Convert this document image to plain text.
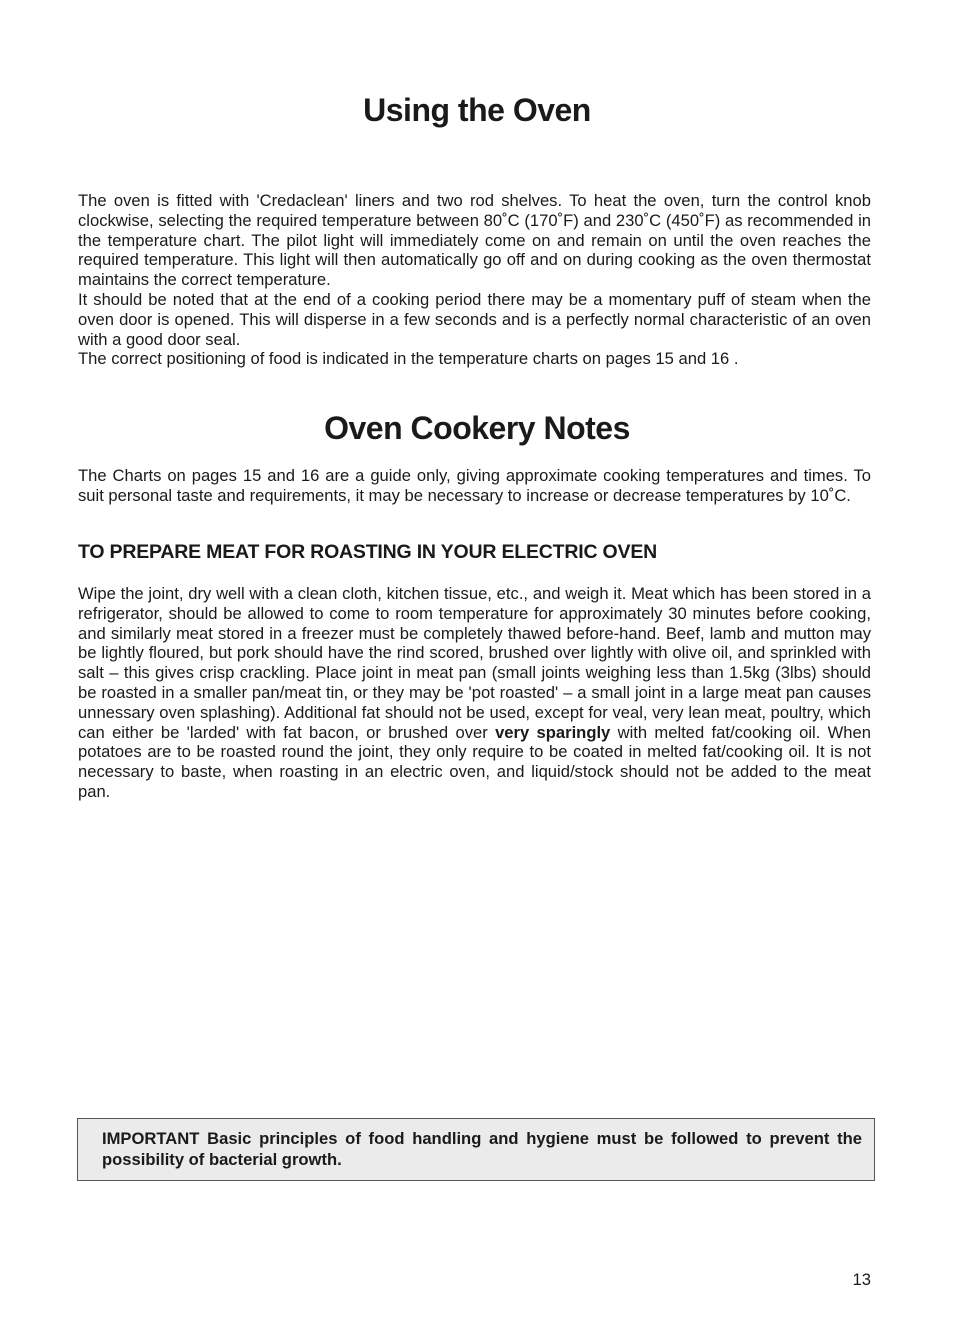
Using the Oven

The oven is fitted with 'Credaclean' liners and two rod shelves. To heat the oven, turn the control knob clockwise, selecting the required temperature between 80˚C (170˚F) and 230˚C (450˚F) as recommended in the temperature chart. The pilot light will immediately come on and remain on until the oven reaches the required temperature. This light will then automatically go off and on during cooking as the oven thermostat maintains the correct temperature.

It should be noted that at the end of a cooking period there may be a momentary puff of steam when the oven door is opened. This will disperse in a few seconds and is a perfectly normal characteristic of an oven with a good door seal.

The correct positioning of food is indicated in the temperature charts on pages 15 and 16 .

Oven Cookery Notes
The Charts on pages 15 and 16 are a guide only, giving approximate cooking temperatures and times. To suit personal taste and requirements, it may be necessary to increase or decrease temperatures by 10˚C.
TO PREPARE MEAT FOR ROASTING IN YOUR ELECTRIC OVEN
Wipe the joint, dry well with a clean cloth, kitchen tissue, etc., and weigh it. Meat which has been stored in a refrigerator, should be allowed to come to room temperature for approximately 30 minutes before cooking, and similarly meat stored in a freezer must be completely thawed before-hand. Beef, lamb and mutton may be lightly floured, but pork should have the rind scored, brushed over lightly with olive oil, and sprinkled with salt – this gives crisp crackling. Place joint in meat pan (small joints weighing less than 1.5kg (3lbs) should be roasted in a smaller pan/meat tin, or they may be 'pot roasted' – a small joint in a large meat pan causes unnessary oven splashing). Additional fat should not be used, except for veal, very lean meat, poultry, which can either be 'larded' with fat bacon, or brushed over very sparingly with melted fat/cooking oil. When potatoes are to be roasted round the joint, they only require to be coated in melted fat/cooking oil. It is not necessary to baste, when roasting in an electric oven, and liquid/stock should not be added to the meat pan.

IMPORTANT Basic principles of food handling and hygiene must be followed to prevent the possibility of bacterial growth.

13
